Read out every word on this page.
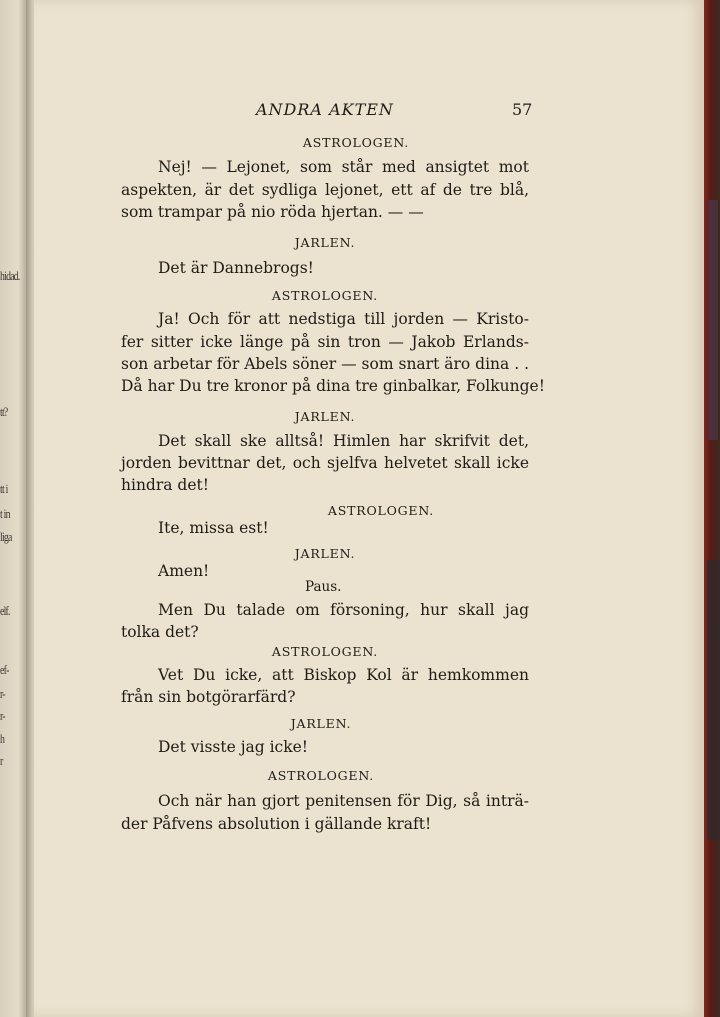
hidad.
tt?
tt i
t in
liga
elf.
ef-
r-
r-
h
r
ANDRA AKTEN	57
ASTROLOGEN.
Nej! — Lejonet, som står med ansigtet mot
aspekten, är det sydliga lejonet, ett af de tre blå,
som trampar på nio röda hjertan. — —
JARLEN.
Det är Dannebrogs!
ASTROLOGEN.
Ja! Och för att nedstiga till jorden — Kristo-
fer sitter icke länge på sin tron — Jakob Erlands-
son arbetar för Abels söner — som snart äro dina . .
Då har Du tre kronor på dina tre ginbalkar, Folkunge!
JARLEN.
Det skall ske alltså! Himlen har skrifvit det,
jorden bevittnar det, och sjelfva helvetet skall icke
hindra det!
ASTROLOGEN.
Ite, missa est!
JARLEN.
Amen!
Paus.
Men Du talade om försoning, hur skall jag
tolka det?
ASTROLOGEN.
Vet Du icke, att Biskop Kol är hemkommen
från sin botgörarfärd?
JARLEN.
Det visste jag icke!
ASTROLOGEN.
Och när han gjort penitensen för Dig, så inträ-
der Påfvens absolution i gällande kraft!
